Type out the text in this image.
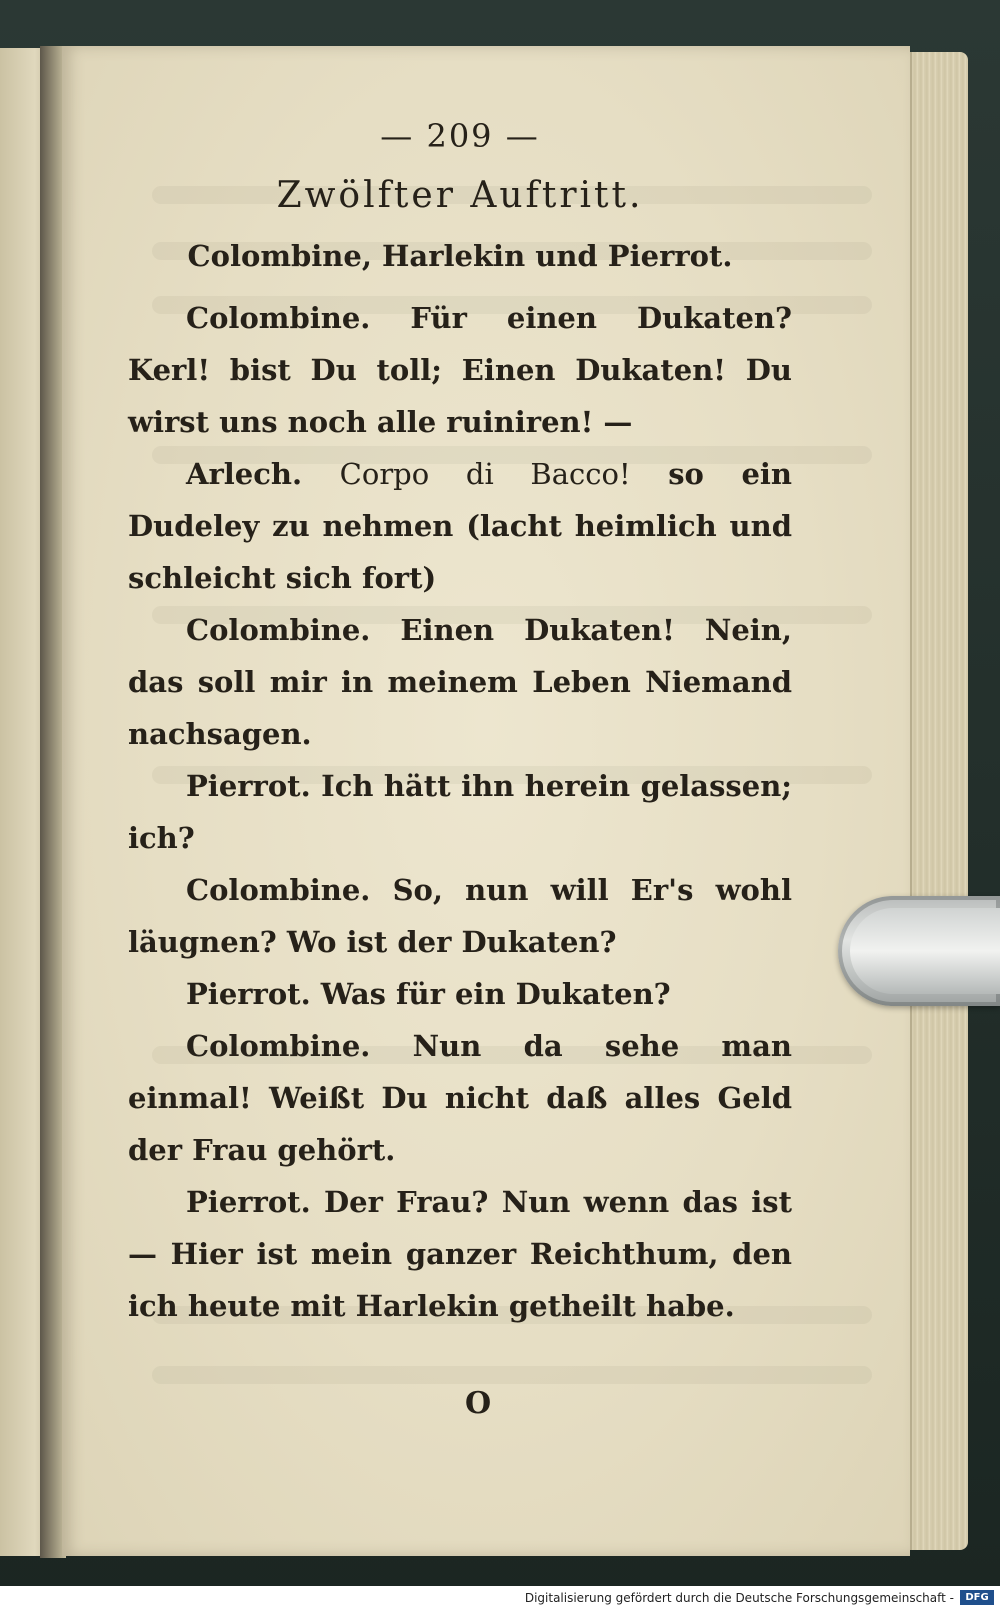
— 209 —
Zwölfter Auftritt.
Colombine, Harlekin und Pierrot.

Colombine. Für einen Dukaten? Kerl! bist Du toll; Einen Dukaten! Du wirst uns noch alle ruiniren! —

Arlech. Corpo di Bacco! so ein Dudeley zu nehmen (lacht heimlich und schleicht sich fort)

Colombine. Einen Dukaten! Nein, das soll mir in meinem Leben Niemand nachsagen.

Pierrot. Ich hätt ihn herein gelassen; ich?

Colombine. So, nun will Er's wohl läugnen? Wo ist der Dukaten?

Pierrot. Was für ein Dukaten?

Colombine. Nun da sehe man einmal! Weißt Du nicht daß alles Geld der Frau gehört.

Pierrot. Der Frau? Nun wenn das ist — Hier ist mein ganzer Reichthum, den ich heute mit Harlekin getheilt habe.

O
Digitalisierung gefördert durch die Deutsche Forschungsgemeinschaft -	DFG
